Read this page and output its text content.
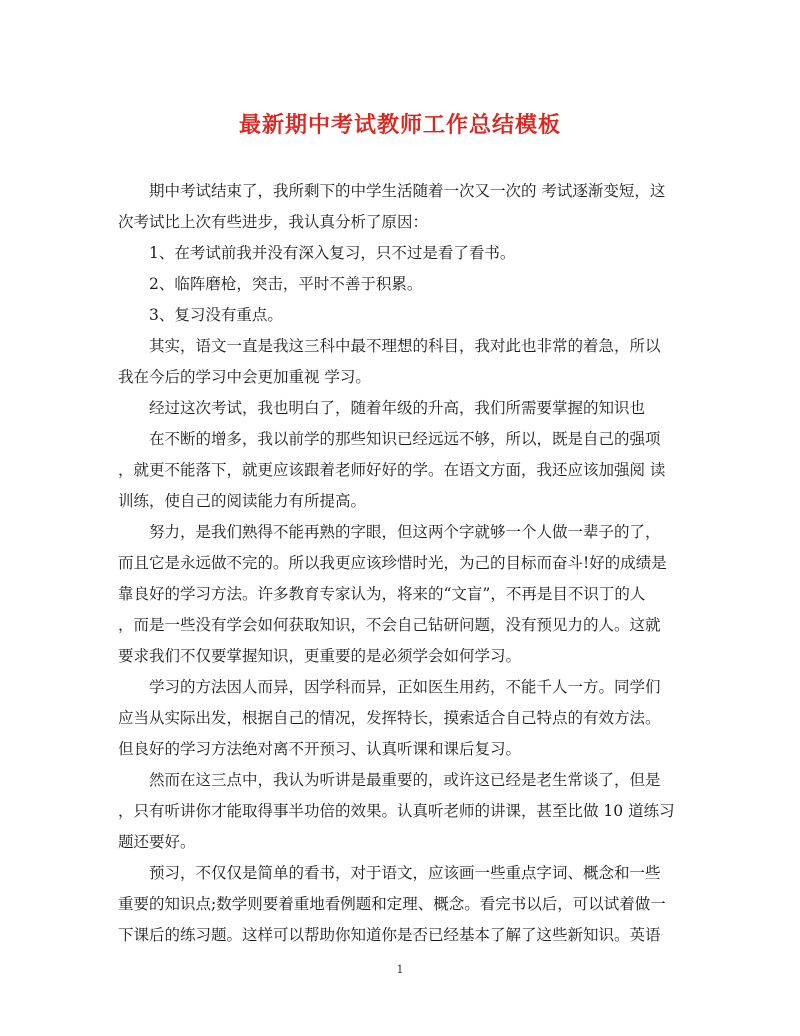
最新期中考试教师工作总结模板
期中考试结束了，我所剩下的中学生活随着一次又一次的 考试逐渐变短，这
次考试比上次有些进步，我认真分析了原因：
1、在考试前我并没有深入复习，只不过是看了看书。
2、临阵磨枪，突击，平时不善于积累。
3、复习没有重点。
其实，语文一直是我这三科中最不理想的科目，我对此也非常的着急，所以
我在今后的学习中会更加重视 学习。
经过这次考试，我也明白了，随着年级的升高，我们所需要掌握的知识也
在不断的增多，我以前学的那些知识已经远远不够，所以，既是自己的强项
，就更不能落下，就更应该跟着老师好好的学。在语文方面，我还应该加强阅 读
训练，使自己的阅读能力有所提高。
努力，是我们熟得不能再熟的字眼，但这两个字就够一个人做一辈子的了，
而且它是永远做不完的。所以我更应该珍惜时光，为己的目标而奋斗!好的成绩是
靠良好的学习方法。许多教育专家认为，将来的“文盲”，不再是目不识丁的人
，而是一些没有学会如何获取知识，不会自己钻研问题，没有预见力的人。这就
要求我们不仅要掌握知识，更重要的是必须学会如何学习。
学习的方法因人而异，因学科而异，正如医生用药，不能千人一方。同学们
应当从实际出发，根据自己的情况，发挥特长，摸索适合自己特点的有效方法。
但良好的学习方法绝对离不开预习、认真听课和课后复习。
然而在这三点中，我认为听讲是最重要的，或许这已经是老生常谈了，但是
，只有听讲你才能取得事半功倍的效果。认真听老师的讲课，甚至比做 10 道练习
题还要好。
预习，不仅仅是简单的看书，对于语文，应该画一些重点字词、概念和一些
重要的知识点;数学则要着重地看例题和定理、概念。看完书以后，可以试着做一
下课后的练习题。这样可以帮助你知道你是否已经基本了解了这些新知识。英语
1
